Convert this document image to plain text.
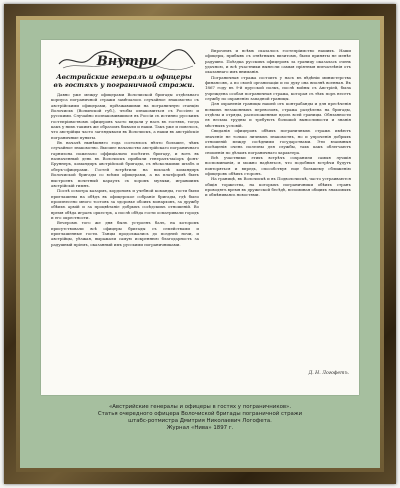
Внутри
Австрийские генералъ и офицеры въ гостяхъ у пограничной стражи.

Давно уже между офицерами Волочиской бригады отдѣльнаго корпуса пограничной стражи замѣчалось случайное знакомство съ австрійскими офицерами, пріѣзжавшими на пограничную станцію Волочискъ (Волынской губ.), чтобы ознакомиться съ Россіею и русскими. Случайно познакомившихся въ Россіи съ истинно русскимъ гостепріимствомъ офицеровъ часто видали у насъ въ гостяхъ, тогда какъ у нихъ такимъ же образомъ бывали и наши. Такъ уже и повелось, что австрійцы часто заглядывали въ Волочискъ, а наши въ австрійскіе пограничные пункты.

Въ началѣ нынѣшняго года состоялось нѣчто большее, чѣмъ случайное знакомство. Высшее начальство австрійскаго пограничнаго гарнизона пожелало оффиціально посѣтить бригаду, и вотъ въ назначенный день въ Волочискъ прибыли генералъ-маіоръ фонъ-Бруннеръ, командиръ австрійской бригады, съ нѣсколькими штабъ и оберъ-офицерами. Гостей встрѣтили на вокзалѣ командиръ Волочиской бригады со всѣми офицерами, а на платформѣ былъ выстроенъ почетный караулъ съ хоромъ музыки, игравшимъ австрійскій гимнъ.

Послѣ осмотра казармъ, кордоновъ и учебной команды, гости были приглашены на обѣдъ въ офицерское собраніе бригады, гдѣ было произнесено много тостовъ за здоровье обоихъ монарховъ, за дружбу обѣихъ армій и за процвѣтаніе добрыхъ сосѣдскихъ отношеній. Во время обѣда игралъ оркестръ, а послѣ обѣда гости осматривали городъ и его окрестности.

Вечеромъ того же дня былъ устроенъ балъ, на которомъ присутствовали всѣ офицеры бригады съ семействами и приглашенные гости. Танцы продолжались до поздней ночи, и австрійцы, уѣзжая, выражали самую искреннюю благодарность за радушный пріемъ, оказанный имъ русскими пограничниками.

Впрочемъ и всѣмъ сказалось гостепріимство нашихъ. Наши офицеры, прибывъ съ отвѣтнымъ визитомъ, были приняты не менѣе радушно. Поѣздка русскихъ офицеровъ за границу оказалась очень удачною, и всѣ участники вынесли самыя пріятныя впечатлѣнія отъ оказаннаго имъ вниманія.

Пограничная стража состоитъ у насъ въ вѣдѣніи министерства финансовъ, а по своей организаціи и по духу она вполнѣ военная. Въ 1867 году въ 9-й прусской полкъ, послѣ войны съ Австріей, была учреждена особая пограничная стража, которая съ тѣхъ поръ несетъ службу по охраненію западной границы.

Для охраненія границы нашей отъ контрабанды и для пресѣченія всякихъ незаконныхъ перевозовъ, стража раздѣлена на бригады, отдѣлы и отряды, расположенные вдоль всей границы. Обязанности ея весьма трудны и требуютъ большой выносливости и знанія мѣстныхъ условій.

Свиданія офицеровъ обѣихъ пограничныхъ стражъ имѣютъ значеніе не только личныхъ знакомствъ, но и упроченія добрыхъ отношеній между сосѣдними государствами. Эти взаимныя посѣщенія очень полезны для службы, такъ какъ облегчаютъ сношенія по дѣламъ пограничнаго характера.

Всѣ участники этихъ встрѣчъ сохранили самыя лучшія воспоминанія, и можно надѣяться, что подобныя встрѣчи будутъ повторяться и впредь, способствуя еще большему сближенію офицеровъ обѣихъ сторонъ.

На границѣ, въ Волочискѣ и въ Подволочискѣ, часто устраиваются общія торжества, на которыхъ пограничники обѣихъ странъ проводятъ время въ дружеской бесѣдѣ, вспоминая общихъ знакомыхъ и обмѣниваясь новостями.

Д. Н. Логофетъ.
«Австрийские генералы и офицеры в гостях у пограничников».
Статья очередного офицера Волочиской бригады пограничной стражи
штабс-ротмистра Дмитрия Николаевич Логофета.
Журнал «Нива» 1897 г.
